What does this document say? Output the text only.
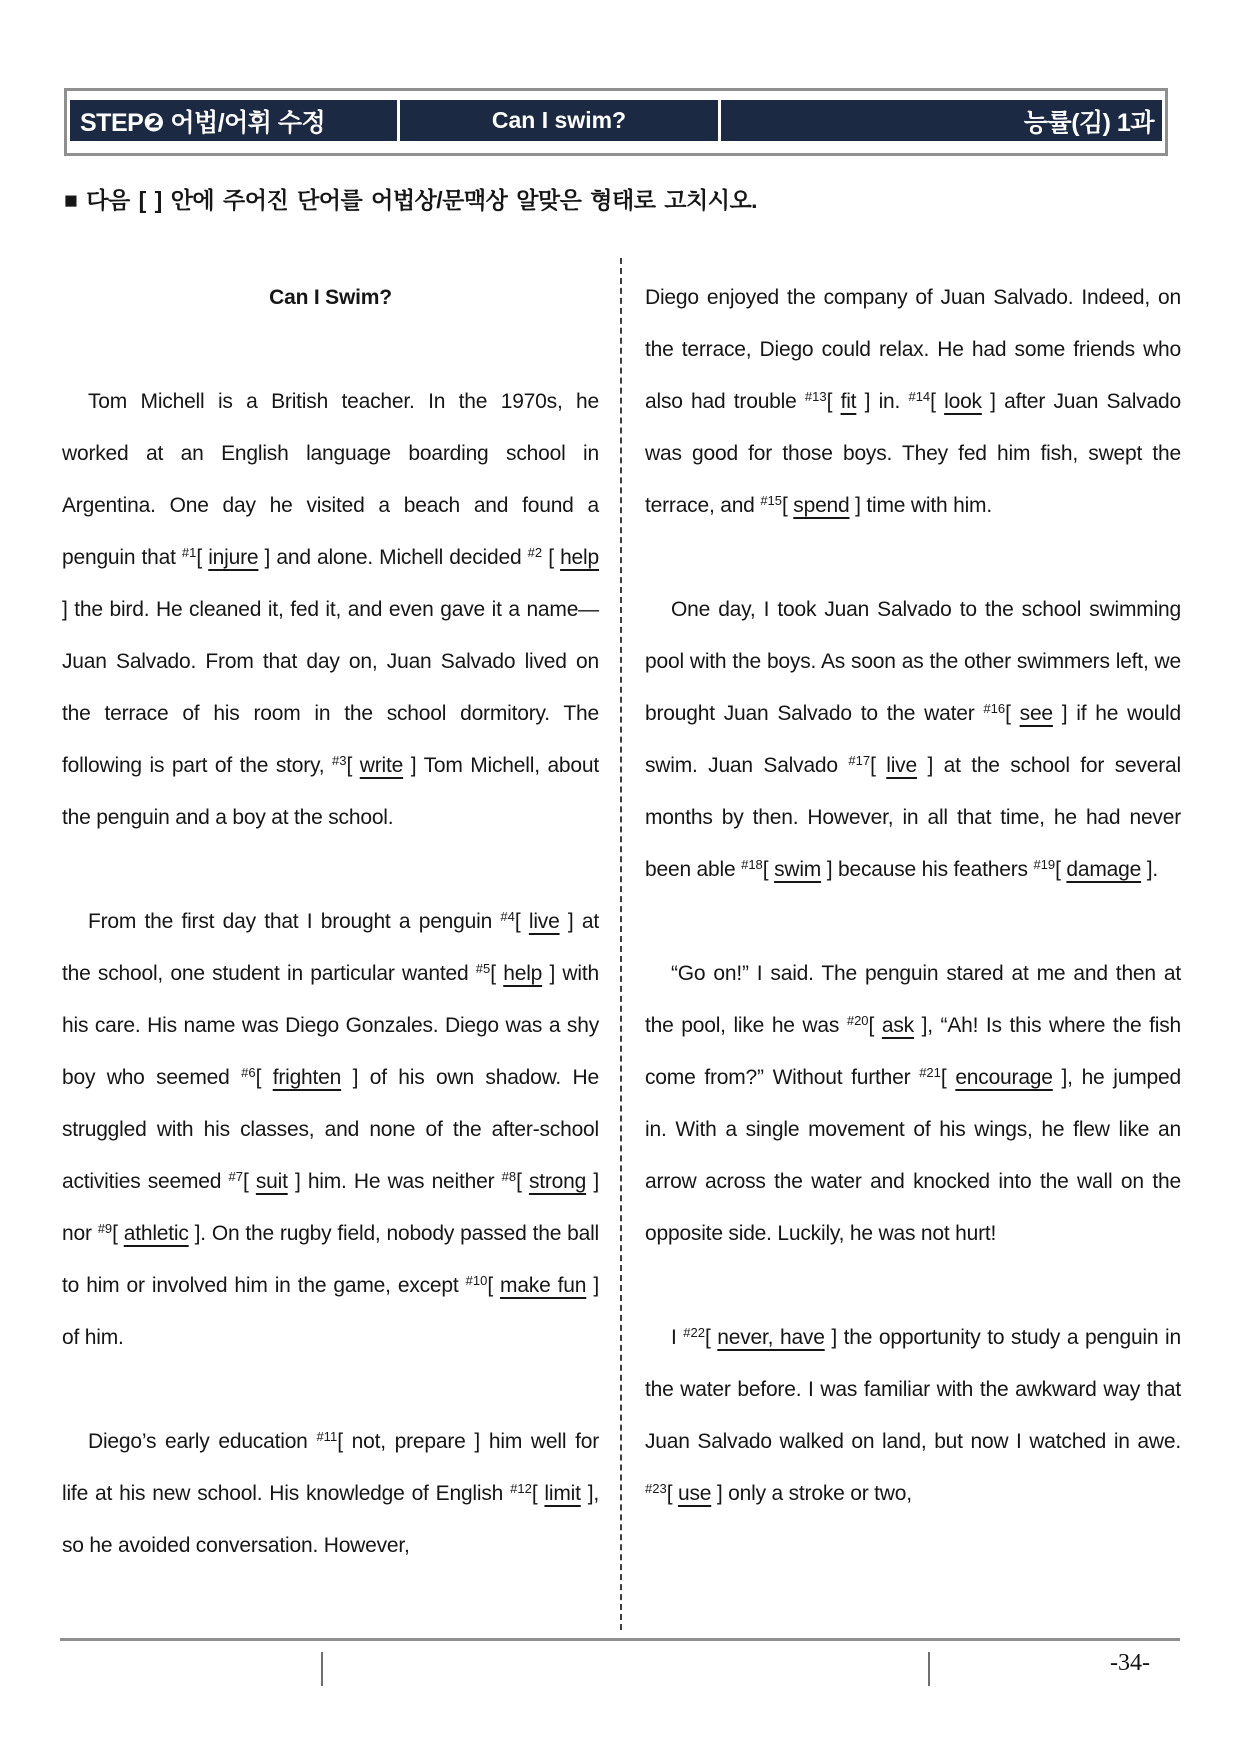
STEP❷ 어법/어휘 수정	Can I swim?	능률(김) 1과
■ 다음 [ ] 안에 주어진 단어를 어법상/문맥상 알맞은 형태로 고치시오.

Can I Swim?

Tom Michell is a British teacher. In the 1970s, he worked at an English language boarding school in Argentina. One day he visited a beach and found a penguin that $^{\#1}$[ injure ] and alone. Michell decided $^{\#2}$ [ help ] the bird. He cleaned it, fed it, and even gave it a name—Juan Salvado. From that day on, Juan Salvado lived on the terrace of his room in the school dormitory. The following is part of the story, $^{\#3}$[ write ] Tom Michell, about the penguin and a boy at the school.

From the first day that I brought a penguin $^{\#4}$[ live ] at the school, one student in particular wanted $^{\#5}$[ help ] with his care. His name was Diego Gonzales. Diego was a shy boy who seemed $^{\#6}$[ frighten ] of his own shadow. He struggled with his classes, and none of the after-school activities seemed $^{\#7}$[ suit ] him. He was neither $^{\#8}$[ strong ] nor $^{\#9}$[ athletic ]. On the rugby field, nobody passed the ball to him or involved him in the game, except $^{\#10}$[ make fun ] of him.

Diego’s early education $^{\#11}$[ not, prepare ] him well for life at his new school. His knowledge of English $^{\#12}$[ limit ], so he avoided conversation. However,

Diego enjoyed the company of Juan Salvado. Indeed, on the terrace, Diego could relax. He had some friends who also had trouble $^{\#13}$[ fit ] in. $^{\#14}$[ look ] after Juan Salvado was good for those boys. They fed him fish, swept the terrace, and $^{\#15}$[ spend ] time with him.

One day, I took Juan Salvado to the school swimming pool with the boys. As soon as the other swimmers left, we brought Juan Salvado to the water $^{\#16}$[ see ] if he would swim. Juan Salvado $^{\#17}$[ live ] at the school for several months by then. However, in all that time, he had never been able $^{\#18}$[ swim ] because his feathers $^{\#19}$[ damage ].

“Go on!” I said. The penguin stared at me and then at the pool, like he was $^{\#20}$[ ask ], “Ah! Is this where the fish come from?” Without further $^{\#21}$[ encourage ], he jumped in. With a single movement of his wings, he flew like an arrow across the water and knocked into the wall on the opposite side. Luckily, he was not hurt!

I $^{\#22}$[ never, have ] the opportunity to study a penguin in the water before. I was familiar with the awkward way that Juan Salvado walked on land, but now I watched in awe. $^{\#23}$[ use ] only a stroke or two,

-34-
